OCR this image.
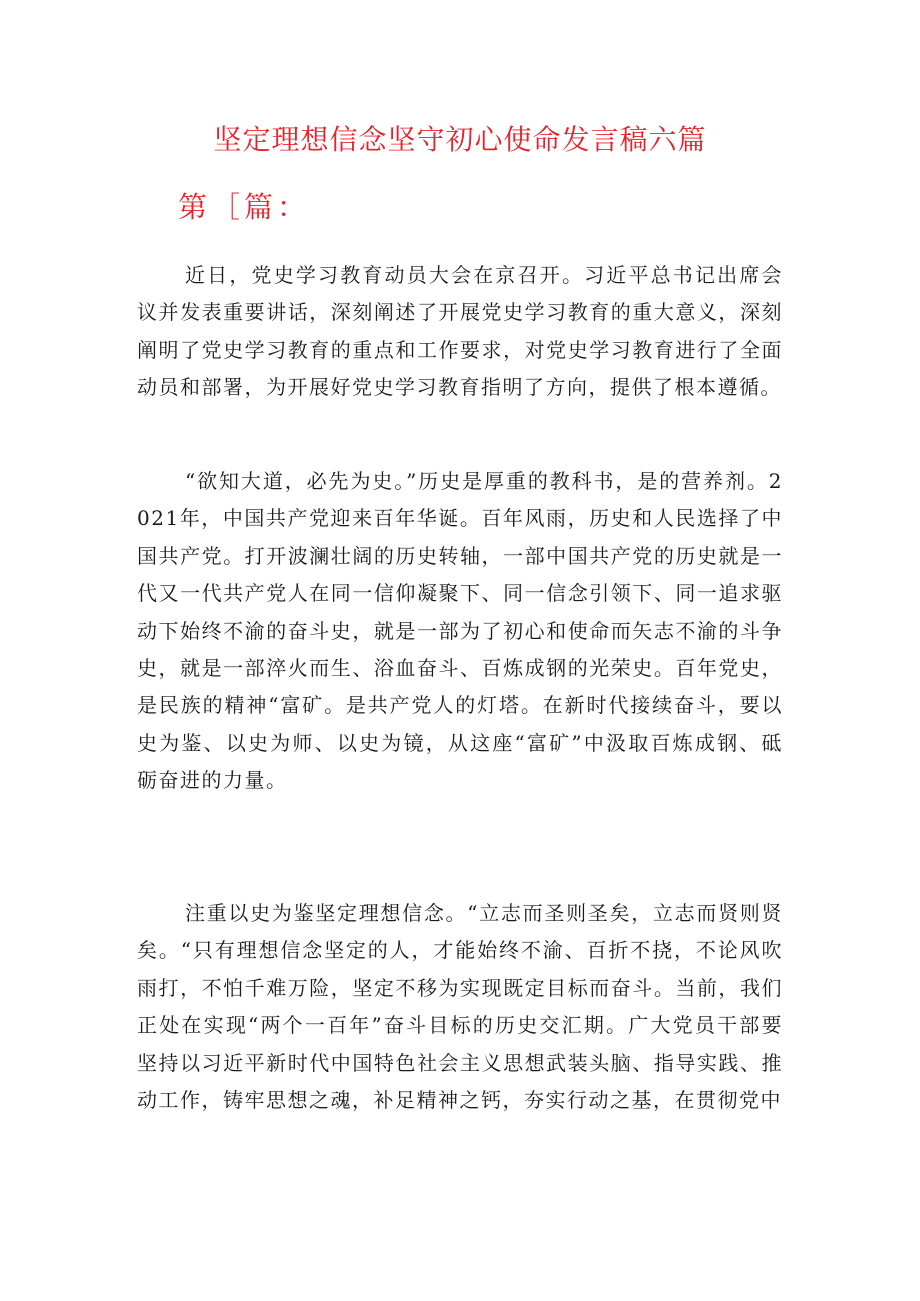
坚定理想信念坚守初心使命发言稿六篇
第［篇：

近日，党史学习教育动员大会在京召开。习近平总书记出席会议并发表重要讲话，深刻阐述了开展党史学习教育的重大意义，深刻阐明了党史学习教育的重点和工作要求，对党史学习教育进行了全面动员和部署，为开展好党史学习教育指明了方向，提供了根本遵循。

“欲知大道，必先为史。”历史是厚重的教科书，是的营养剂。2021年，中国共产党迎来百年华诞。百年风雨，历史和人民选择了中国共产党。打开波澜壮阔的历史转轴，一部中国共产党的历史就是一代又一代共产党人在同一信仰凝聚下、同一信念引领下、同一追求驱动下始终不渝的奋斗史，就是一部为了初心和使命而矢志不渝的斗争史，就是一部淬火而生、浴血奋斗、百炼成钢的光荣史。百年党史，是民族的精神“富矿。是共产党人的灯塔。在新时代接续奋斗，要以史为鉴、以史为师、以史为镜，从这座“富矿”中汲取百炼成钢、砥砺奋进的力量。

注重以史为鉴坚定理想信念。“立志而圣则圣矣，立志而贤则贤矣。“只有理想信念坚定的人，才能始终不渝、百折不挠，不论风吹雨打，不怕千难万险，坚定不移为实现既定目标而奋斗。当前，我们正处在实现“两个一百年”奋斗目标的历史交汇期。广大党员干部要坚持以习近平新时代中国特色社会主义思想武装头脑、指导实践、推动工作，铸牢思想之魂，补足精神之钙，夯实行动之基，在贯彻党中
